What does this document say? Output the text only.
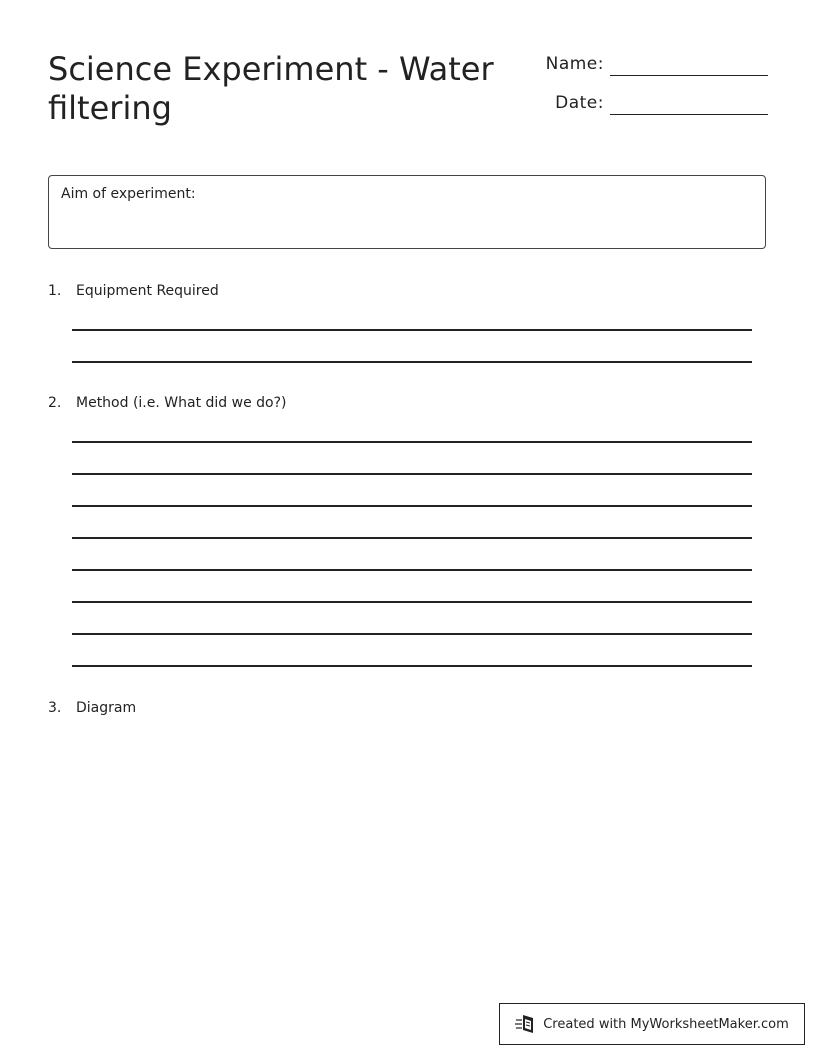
Science Experiment - Water filtering
Name:
Date:
Aim of experiment:
1. Equipment Required
2. Method (i.e. What did we do?)
3. Diagram
Created with MyWorksheetMaker.com
